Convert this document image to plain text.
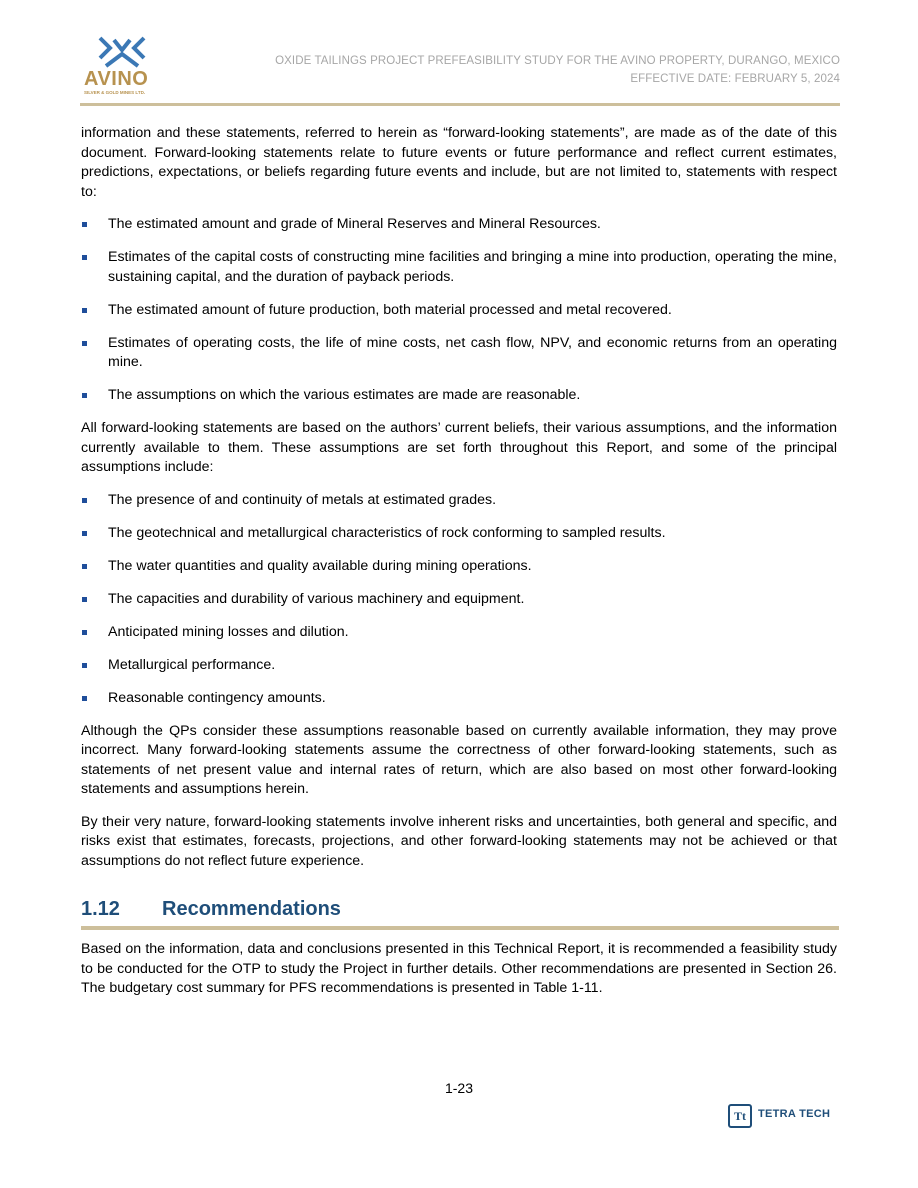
AVINO
SILVER & GOLD MINES LTD.
OXIDE TAILINGS PROJECT PREFEASIBILITY STUDY FOR THE AVINO PROPERTY, DURANGO, MEXICO
EFFECTIVE DATE: FEBRUARY 5, 2024

information and these statements, referred to herein as “forward-looking statements”, are made as of the date of this document. Forward-looking statements relate to future events or future performance and reflect current estimates, predictions, expectations, or beliefs regarding future events and include, but are not limited to, statements with respect to:

The estimated amount and grade of Mineral Reserves and Mineral Resources.
Estimates of the capital costs of constructing mine facilities and bringing a mine into production, operating the mine, sustaining capital, and the duration of payback periods.
The estimated amount of future production, both material processed and metal recovered.
Estimates of operating costs, the life of mine costs, net cash flow, NPV, and economic returns from an operating mine.
The assumptions on which the various estimates are made are reasonable.

All forward-looking statements are based on the authors’ current beliefs, their various assumptions, and the information currently available to them. These assumptions are set forth throughout this Report, and some of the principal assumptions include:

The presence of and continuity of metals at estimated grades.
The geotechnical and metallurgical characteristics of rock conforming to sampled results.
The water quantities and quality available during mining operations.
The capacities and durability of various machinery and equipment.
Anticipated mining losses and dilution.
Metallurgical performance.
Reasonable contingency amounts.

Although the QPs consider these assumptions reasonable based on currently available information, they may prove incorrect. Many forward-looking statements assume the correctness of other forward-looking statements, such as statements of net present value and internal rates of return, which are also based on most other forward-looking statements and assumptions herein.

By their very nature, forward-looking statements involve inherent risks and uncertainties, both general and specific, and risks exist that estimates, forecasts, projections, and other forward-looking statements may not be achieved or that assumptions do not reflect future experience.

1.12 Recommendations
Based on the information, data and conclusions presented in this Technical Report, it is recommended a feasibility study to be conducted for the OTP to study the Project in further details. Other recommendations are presented in Section 26. The budgetary cost summary for PFS recommendations is presented in Table 1-11.
1-23
Tt	TETRA TECH
